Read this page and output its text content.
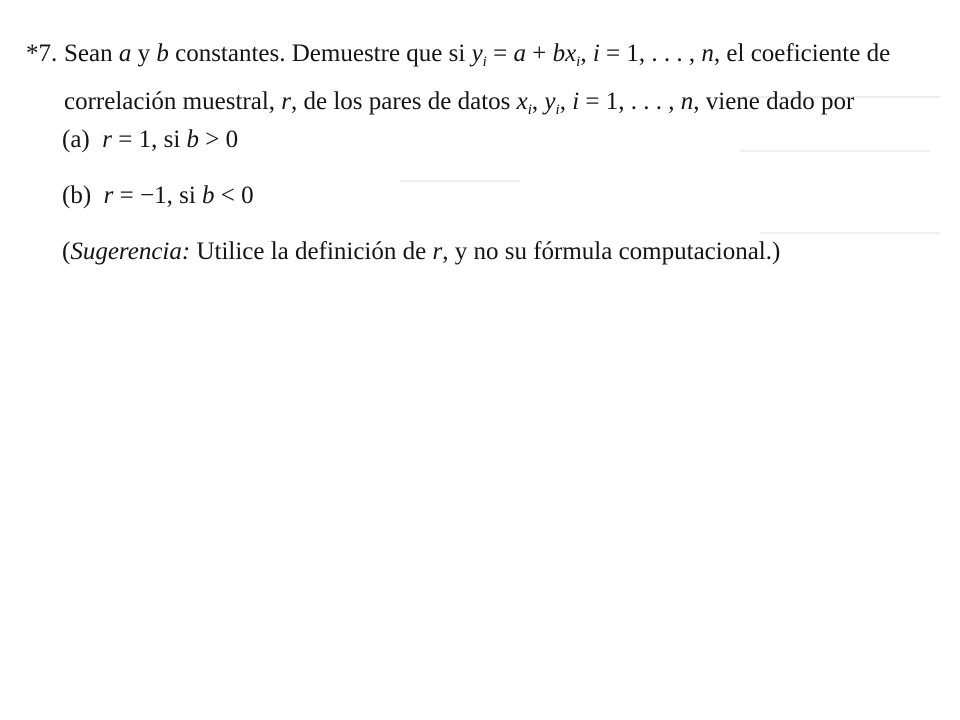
*7. Sean a y b constantes. Demuestre que si $y_i = a + bx_i$, i = 1, . . . , n, el coeficiente de
correlación muestral, r, de los pares de datos $x_i$, $y_i$, i = 1, . . . , n, viene dado por
(a) r = 1, si b > 0
(b) r = −1, si b < 0
(Sugerencia: Utilice la definición de r, y no su fórmula computacional.)
